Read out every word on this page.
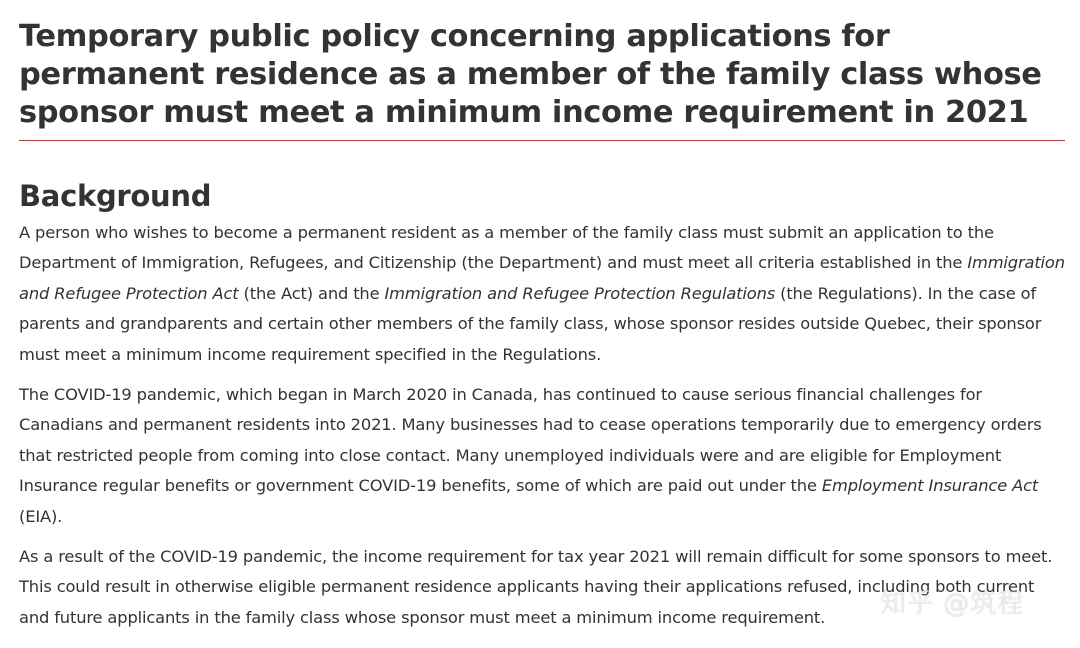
Temporary public policy concerning applications for permanent residence as a member of the family class whose sponsor must meet a minimum income requirement in 2021
Background

A person who wishes to become a permanent resident as a member of the family class must submit an application to the Department of Immigration, Refugees, and Citizenship (the Department) and must meet all criteria established in the Immigration and Refugee Protection Act (the Act) and the Immigration and Refugee Protection Regulations (the Regulations). In the case of parents and grandparents and certain other members of the family class, whose sponsor resides outside Quebec, their sponsor must meet a minimum income requirement specified in the Regulations.

The COVID-19 pandemic, which began in March 2020 in Canada, has continued to cause serious financial challenges for Canadians and permanent residents into 2021. Many businesses had to cease operations temporarily due to emergency orders that restricted people from coming into close contact. Many unemployed individuals were and are eligible for Employment Insurance regular benefits or government COVID-19 benefits, some of which are paid out under the Employment Insurance Act (EIA).

As a result of the COVID-19 pandemic, the income requirement for tax year 2021 will remain difficult for some sponsors to meet. This could result in otherwise eligible permanent residence applicants having their applications refused, including both current and future applicants in the family class whose sponsor must meet a minimum income requirement.	知乎 @筑程
